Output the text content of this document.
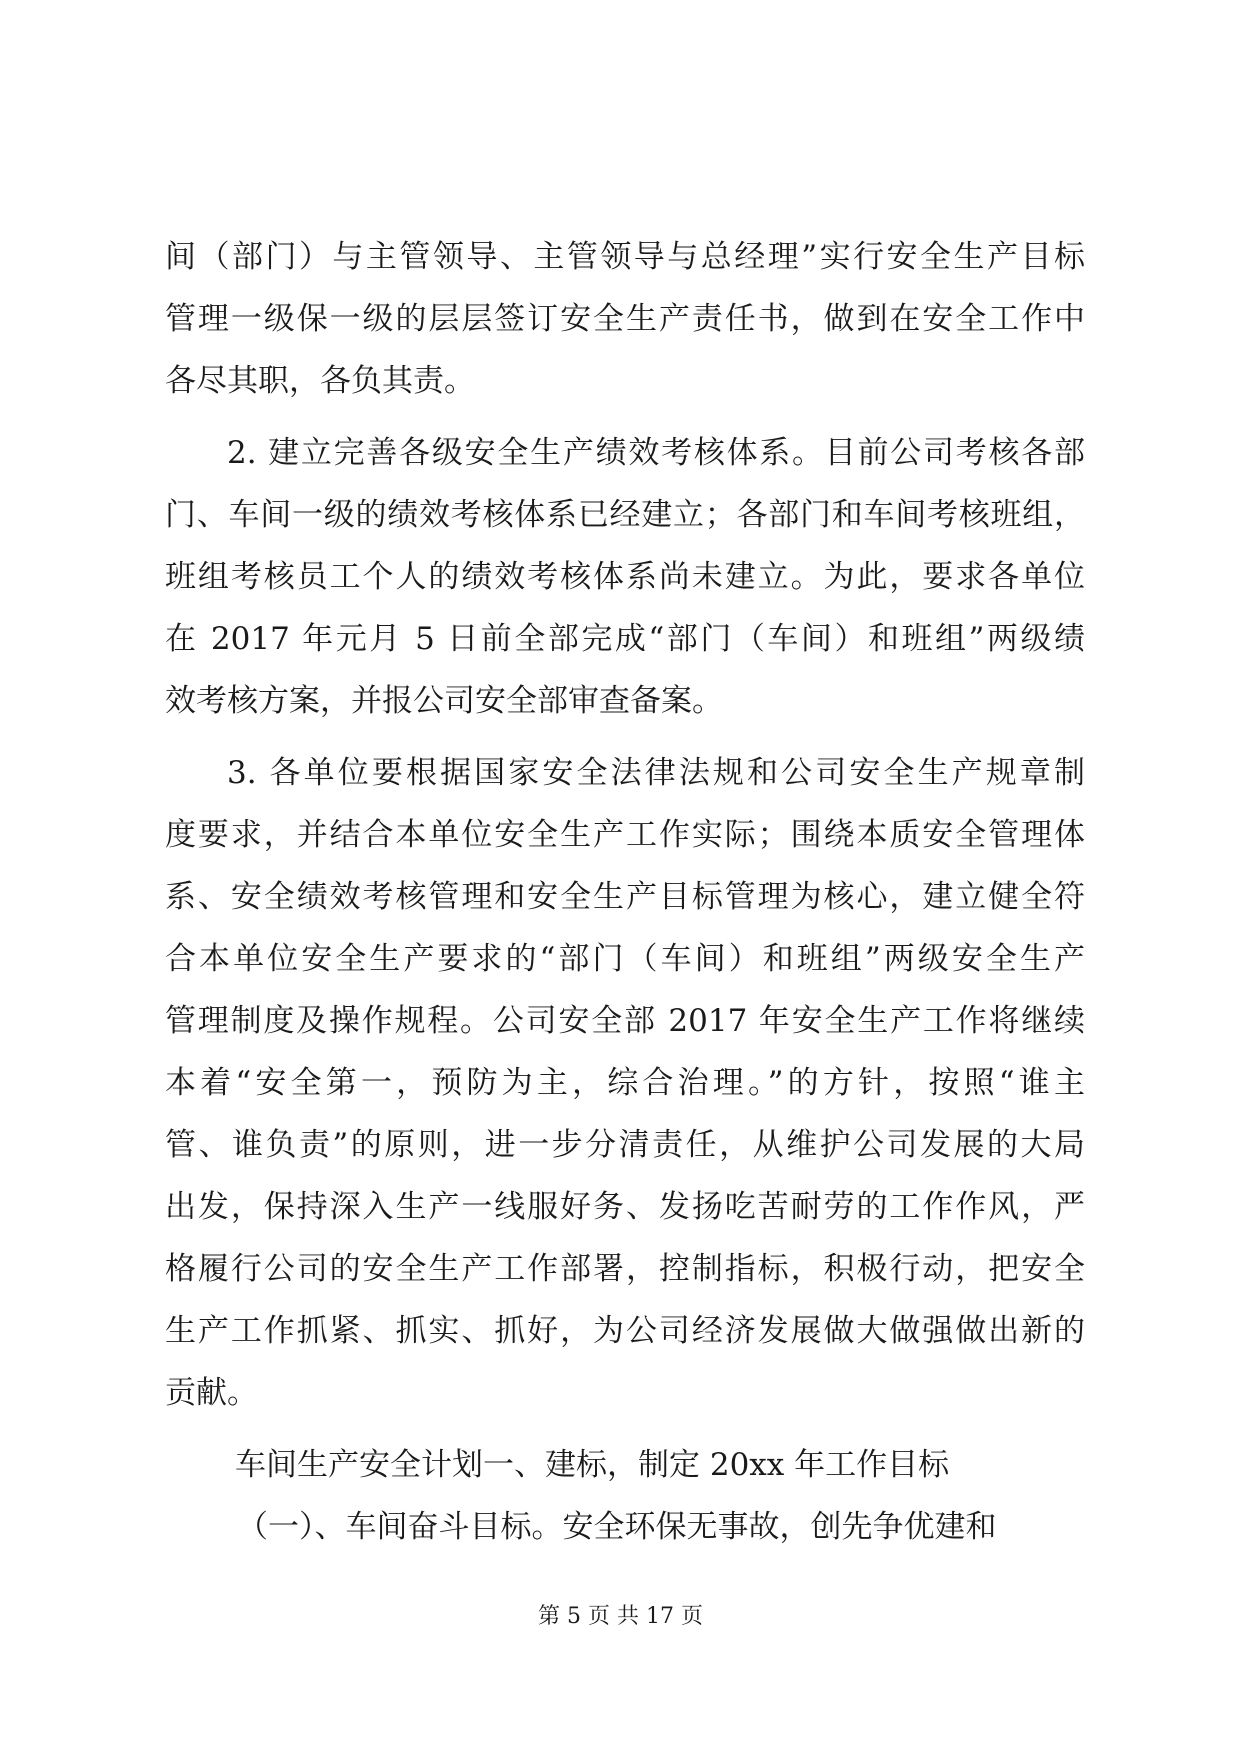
间（部门）与主管领导、主管领导与总经理”实行安全生产目标
管理一级保一级的层层签订安全生产责任书，做到在安全工作中
各尽其职，各负其责。
2. 建立完善各级安全生产绩效考核体系。目前公司考核各部
门、车间一级的绩效考核体系已经建立；各部门和车间考核班组，
班组考核员工个人的绩效考核体系尚未建立。为此，要求各单位
在 2017 年元月 5 日前全部完成“部门（车间）和班组”两级绩
效考核方案，并报公司安全部审查备案。
3. 各单位要根据国家安全法律法规和公司安全生产规章制
度要求，并结合本单位安全生产工作实际；围绕本质安全管理体
系、安全绩效考核管理和安全生产目标管理为核心，建立健全符
合本单位安全生产要求的“部门（车间）和班组”两级安全生产
管理制度及操作规程。公司安全部 2017 年安全生产工作将继续
本着“安全第一，预防为主，综合治理。”的方针，按照“谁主
管、谁负责”的原则，进一步分清责任，从维护公司发展的大局
出发，保持深入生产一线服好务、发扬吃苦耐劳的工作作风，严
格履行公司的安全生产工作部署，控制指标，积极行动，把安全
生产工作抓紧、抓实、抓好，为公司经济发展做大做强做出新的
贡献。
车间生产安全计划一、建标，制定 20xx 年工作目标
（一）、车间奋斗目标。安全环保无事故，创先争优建和
第 5 页 共 17 页
